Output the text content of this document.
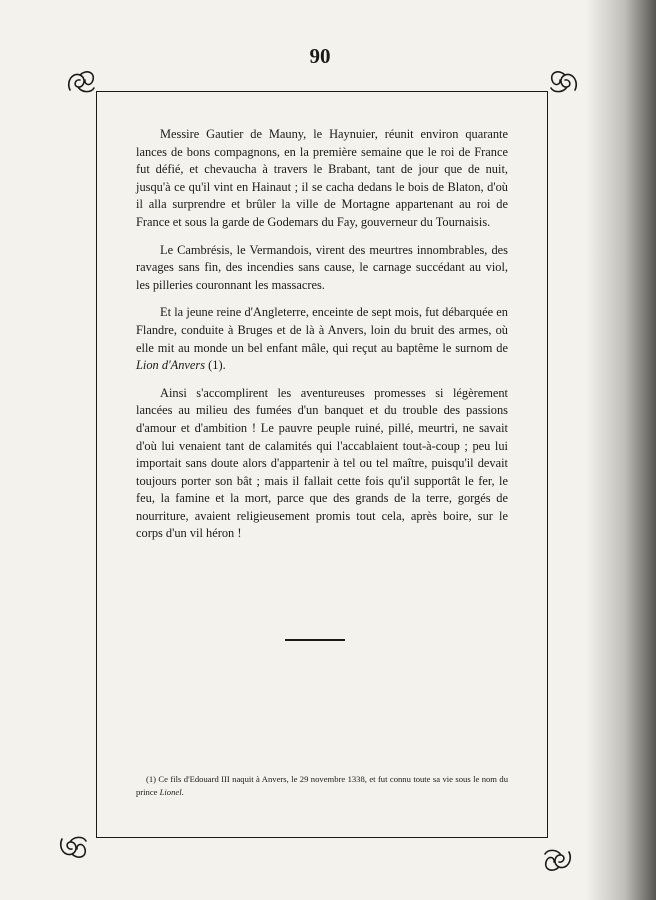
90

Messire Gautier de Mauny, le Haynuier, réunit environ quarante lances de bons compagnons, en la première semaine que le roi de France fut défié, et chevaucha à travers le Brabant, tant de jour que de nuit, jusqu'à ce qu'il vint en Hainaut ; il se cacha dedans le bois de Blaton, d'où il alla surprendre et brûler la ville de Mortagne appartenant au roi de France et sous la garde de Godemars du Fay, gouverneur du Tournaisis.

Le Cambrésis, le Vermandois, virent des meurtres innombrables, des ravages sans fin, des incendies sans cause, le carnage succédant au viol, les pilleries couronnant les massacres.

Et la jeune reine d'Angleterre, enceinte de sept mois, fut débarquée en Flandre, conduite à Bruges et de là à Anvers, loin du bruit des armes, où elle mit au monde un bel enfant mâle, qui reçut au baptême le surnom de Lion d'Anvers (1).

Ainsi s'accomplirent les aventureuses promesses si légèrement lancées au milieu des fumées d'un banquet et du trouble des passions d'amour et d'ambition ! Le pauvre peuple ruiné, pillé, meurtri, ne savait d'où lui venaient tant de calamités qui l'accablaient tout-à-coup ; peu lui importait sans doute alors d'appartenir à tel ou tel maître, puisqu'il devait toujours porter son bât ; mais il fallait cette fois qu'il supportât le fer, le feu, la famine et la mort, parce que des grands de la terre, gorgés de nourriture, avaient religieusement promis tout cela, après boire, sur le corps d'un vil héron !

(1) Ce fils d'Edouard III naquit à Anvers, le 29 novembre 1338, et fut connu toute sa vie sous le nom du prince Lionel.
